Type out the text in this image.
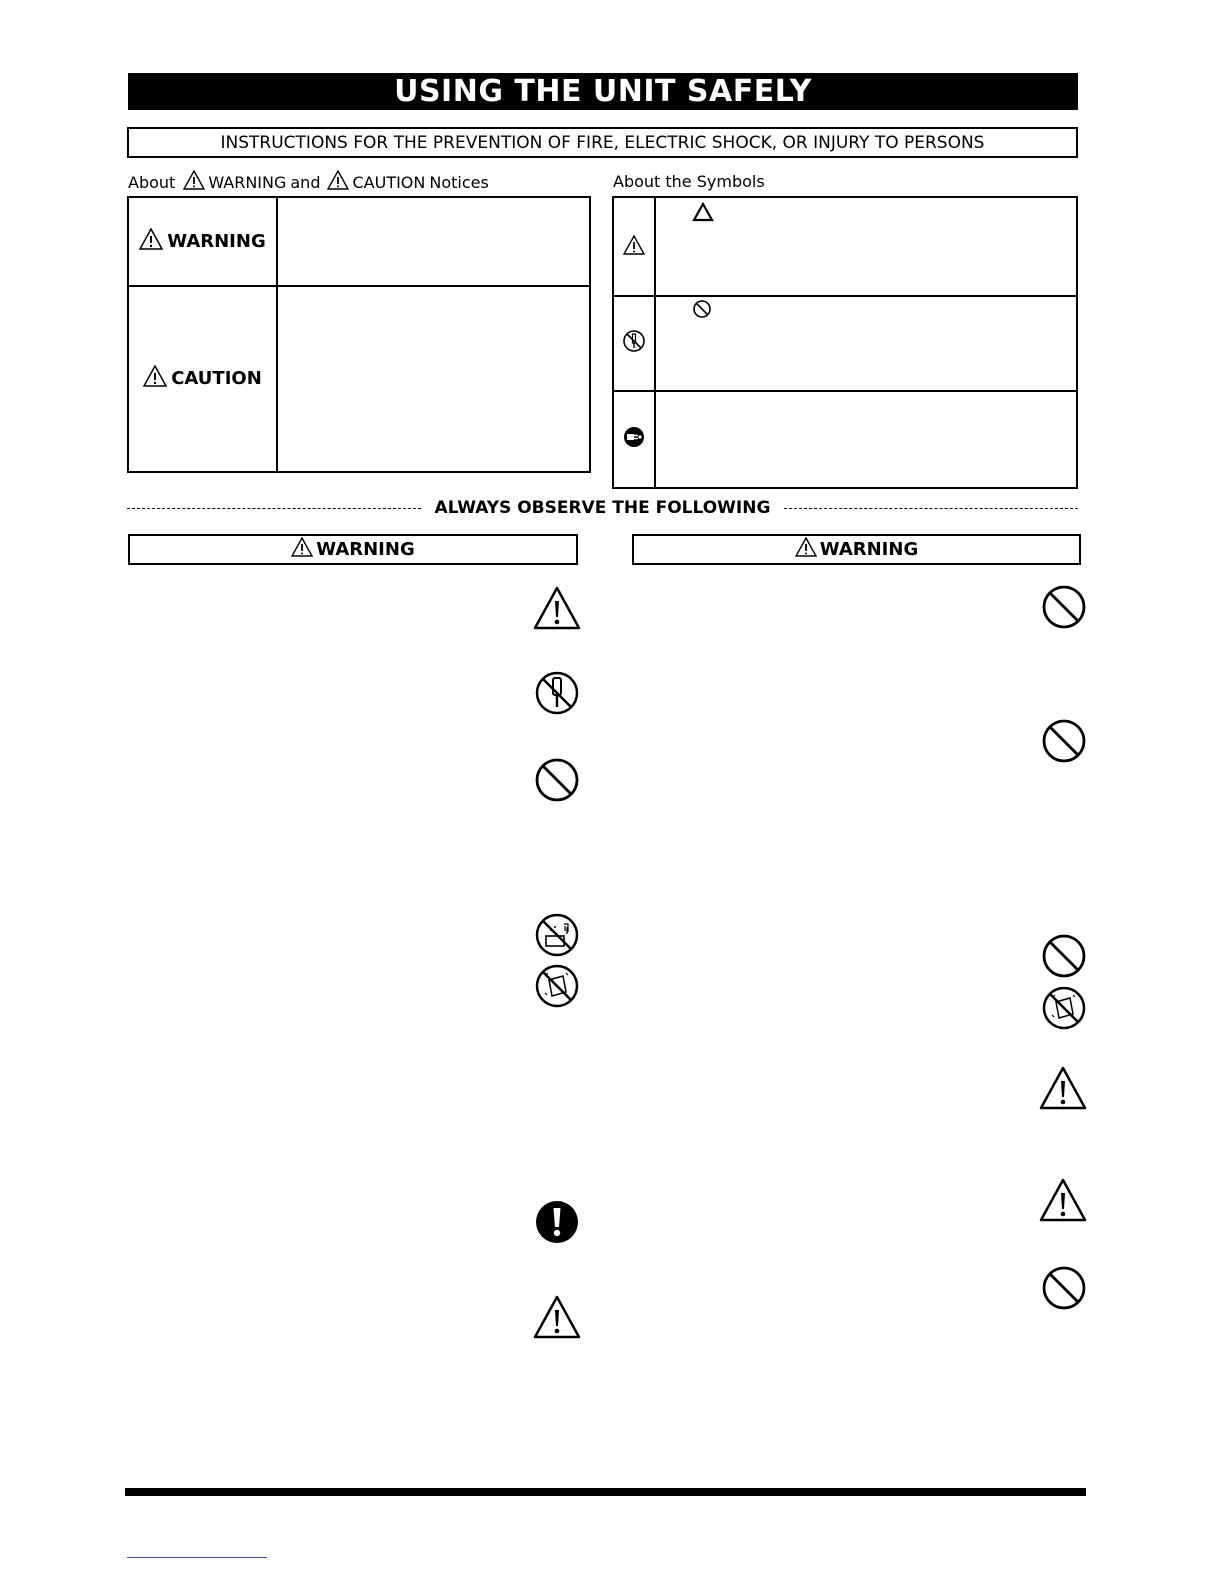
USING THE UNIT SAFELY
INSTRUCTIONS FOR THE PREVENTION OF FIRE, ELECTRIC SHOCK, OR INJURY TO PERSONS
About WARNING and CAUTION Notices
WARNING
CAUTION
About the Symbols
ALWAYS OBSERVE THE FOLLOWING
WARNING	WARNING
